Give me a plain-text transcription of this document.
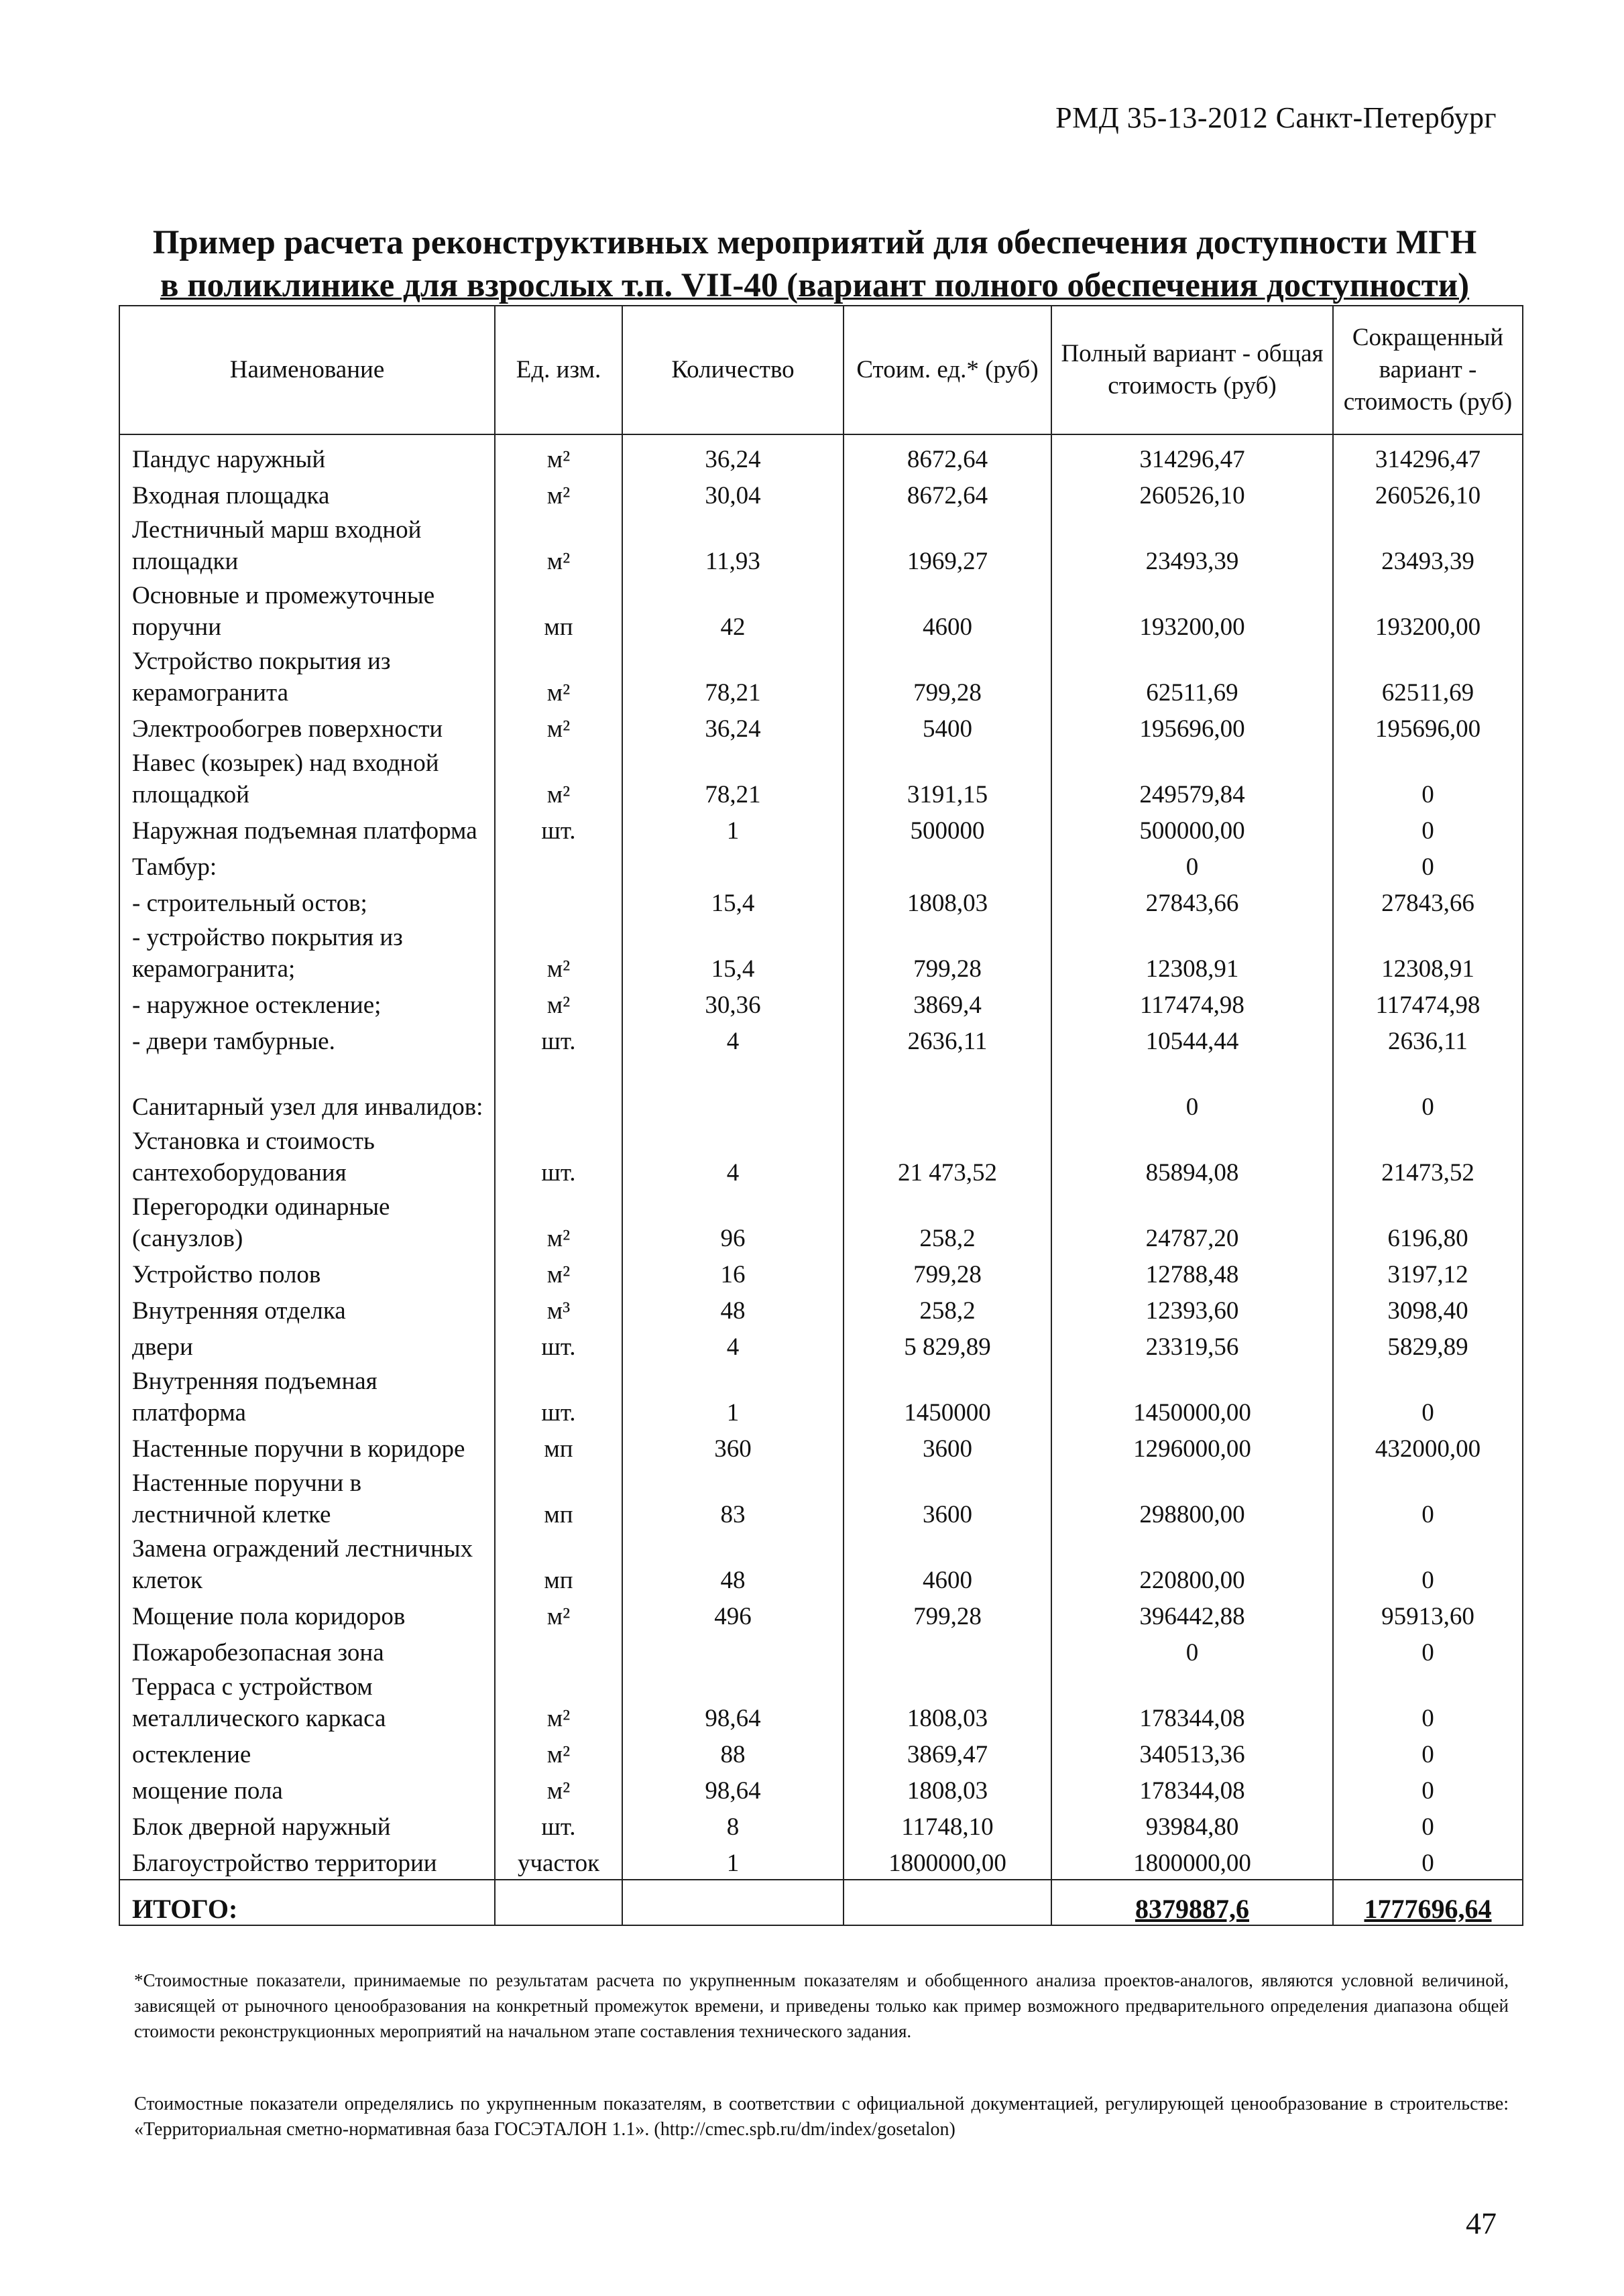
РМД 35-13-2012 Санкт-Петербург
Пример расчета реконструктивных мероприятий для обеспечения доступности МГН
в поликлинике для взрослых т.п. VII-40 (вариант полного обеспечения доступности)
Наименование	Ед. изм.	Количество	Стоим. ед.* (руб)	Полный вариант - общая стоимость (руб)	Сокращенный вариант - стоимость (руб)
Пандус наружный	м²	36,24	8672,64	314296,47	314296,47
Входная площадка	м²	30,04	8672,64	260526,10	260526,10
Лестничный марш входной площадки	м²	11,93	1969,27	23493,39	23493,39
Основные и промежуточные поручни	мп	42	4600	193200,00	193200,00
Устройство покрытия из керамогранита	м²	78,21	799,28	62511,69	62511,69
Электрообогрев поверхности	м²	36,24	5400	195696,00	195696,00
Навес (козырек) над входной площадкой	м²	78,21	3191,15	249579,84	0
Наружная подъемная платформа	шт.	1	500000	500000,00	0
Тамбур:				0	0
- строительный остов;		15,4	1808,03	27843,66	27843,66
- устройство покрытия из керамогранита;	м²	15,4	799,28	12308,91	12308,91
- наружное остекление;	м²	30,36	3869,4	117474,98	117474,98
- двери тамбурные.	шт.	4	2636,11	10544,44	2636,11
Санитарный узел для инвалидов:				0	0
Установка и стоимость сантехоборудования	шт.	4	21 473,52	85894,08	21473,52
Перегородки одинарные (санузлов)	м²	96	258,2	24787,20	6196,80
Устройство полов	м²	16	799,28	12788,48	3197,12
Внутренняя отделка	м³	48	258,2	12393,60	3098,40
двери	шт.	4	5 829,89	23319,56	5829,89
Внутренняя подъемная платформа	шт.	1	1450000	1450000,00	0
Настенные поручни в коридоре	мп	360	3600	1296000,00	432000,00
Настенные поручни в лестничной клетке	мп	83	3600	298800,00	0
Замена ограждений лестничных клеток	мп	48	4600	220800,00	0
Мощение пола коридоров	м²	496	799,28	396442,88	95913,60
Пожаробезопасная зона				0	0
Терраса с устройством металлического каркаса	м²	98,64	1808,03	178344,08	0
остекление	м²	88	3869,47	340513,36	0
мощение пола	м²	98,64	1808,03	178344,08	0
Блок дверной наружный	шт.	8	11748,10	93984,80	0
Благоустройство территории	участок	1	1800000,00	1800000,00	0
ИТОГО:				8379887,6	1777696,64
*Стоимостные показатели, принимаемые по результатам расчета по укрупненным показателям и обобщенного анализа проектов-аналогов, являются условной величиной, зависящей от рыночного ценообразования на конкретный промежуток времени, и приведены только как пример возможного предварительного определения диапазона общей стоимости реконструкционных мероприятий на начальном этапе составления технического задания.
Стоимостные показатели определялись по укрупненным показателям, в соответствии с официальной документацией, регулирующей ценообразование в строительстве: «Территориальная сметно-нормативная база ГОСЭТАЛОН 1.1». (http://cmec.spb.ru/dm/index/gosetalon)
47
